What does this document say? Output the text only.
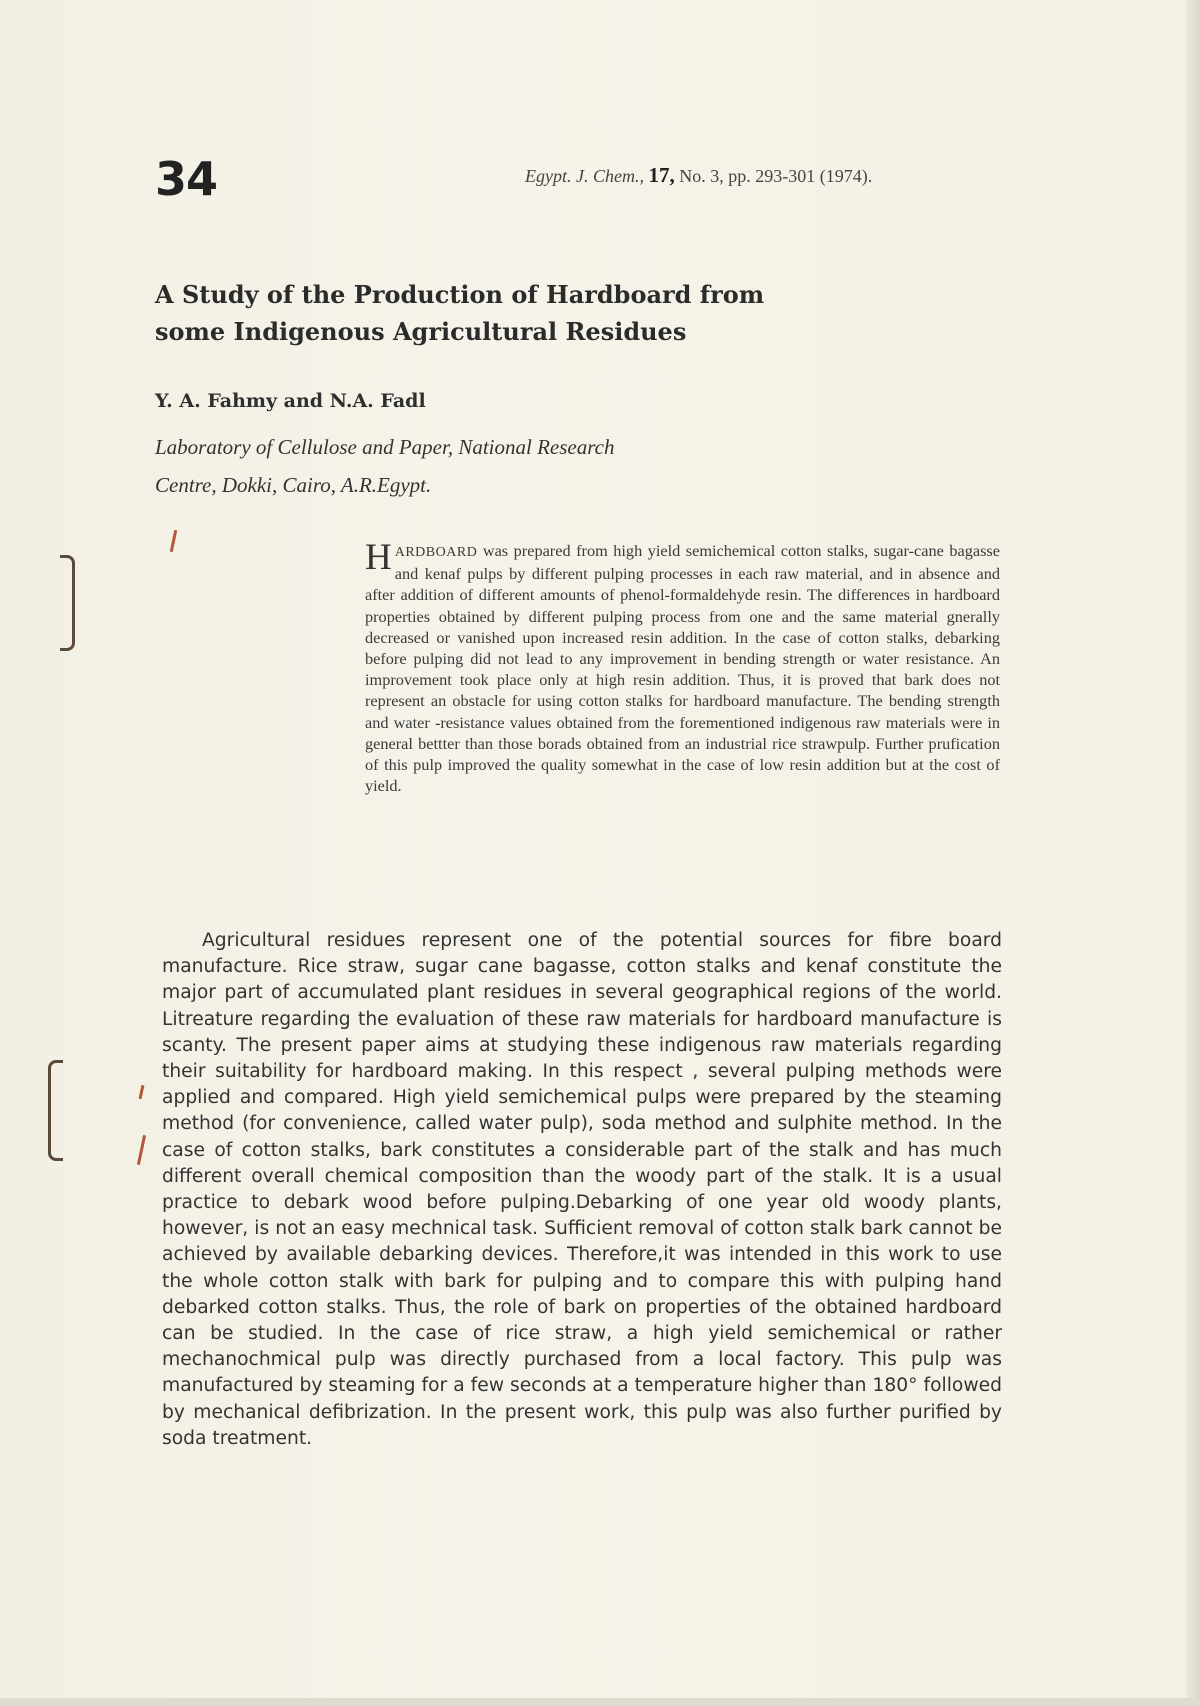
34	Egypt. J. Chem., 17, No. 3, pp. 293-301 (1974).
A Study of the Production of Hardboard from
some Indigenous Agricultural Residues
Y. A. Fahmy and N.A. Fadl
Laboratory of Cellulose and Paper, National Research
Centre, Dokki, Cairo, A.R.Egypt.
HARDBOARD was prepared from high yield semichemical cotton stalks, sugar-cane bagasse and kenaf pulps by different pulping processes in each raw material, and in absence and after addition of different amounts of phenol-formaldehyde resin. The differences in hardboard properties obtained by different pulping process from one and the same material gnerally decreased or vanished upon increased resin addition. In the case of cotton stalks, debarking before pulping did not lead to any improvement in bending strength or water resistance. An improvement took place only at high resin addition. Thus, it is proved that bark does not represent an obstacle for using cotton stalks for hardboard manufacture. The bending strength and water -resistance values obtained from the forementioned indigenous raw materials were in general bettter than those borads obtained from an industrial rice strawpulp. Further prufication of this pulp improved the quality somewhat in the case of low resin addition but at the cost of yield.
Agricultural residues represent one of the potential sources for fibre board manufacture. Rice straw, sugar cane bagasse, cotton stalks and kenaf constitute the major part of accumulated plant residues in several geographical regions of the world. Litreature regarding the evaluation of these raw materials for hardboard manufacture is scanty. The present paper aims at studying these indigenous raw materials regarding their suitability for hardboard making. In this respect , several pulping methods were applied and compared. High yield semichemical pulps were prepared by the steaming method (for convenience, called water pulp), soda method and sulphite method. In the case of cotton stalks, bark constitutes a considerable part of the stalk and has much different overall chemical composition than the woody part of the stalk. It is a usual practice to debark wood before pulping.Debarking of one year old woody plants, however, is not an easy mechnical task. Sufficient removal of cotton stalk bark cannot be achieved by available debarking devices. Therefore,it was intended in this work to use the whole cotton stalk with bark for pulping and to compare this with pulping hand debarked cotton stalks. Thus, the role of bark on properties of the obtained hardboard can be studied. In the case of rice straw, a high yield semichemical or rather mechanochmical pulp was directly purchased from a local factory. This pulp was manufactured by steaming for a few seconds at a temperature higher than 180° followed by mechanical defibrization. In the present work, this pulp was also further purified by soda treatment.
